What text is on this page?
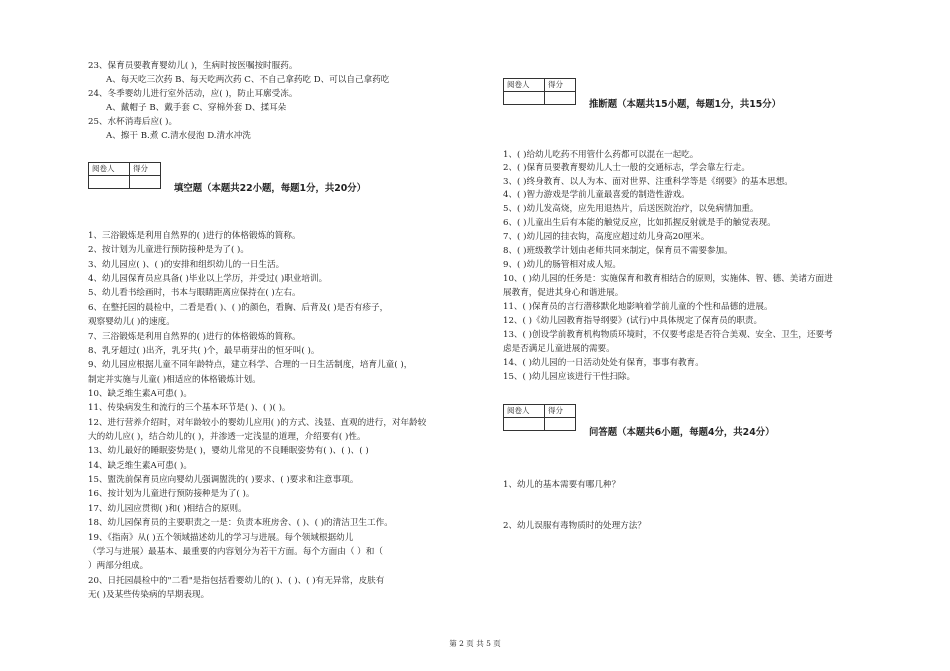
23、保育员要教育婴幼儿( )，生病时按医嘱按时服药。
A、每天吃三次药 B、每天吃两次药 C、不自己拿药吃 D、可以自己拿药吃
24、冬季婴幼儿进行室外活动，应( )，防止耳廓受冻。
A、戴帽子 B、戴手套 C、穿棉外套 D、揉耳朵
25、水杯消毒后应( )。
A、擦干 B.煮 C.清水侵泡 D.清水冲洗
阅卷人	得分

填空题（本题共22小题，每题1分，共20分）
1、三浴锻炼是利用自然界的( )进行的体格锻炼的简称。
2、按计划为儿童进行预防接种是为了( )。
3、幼儿园应( )、( )的安排和组织幼儿的一日生活。
4、幼儿园保育员应具备( )毕业以上学历，并受过( )职业培训。
5、幼儿看书绘画时，书本与眼睛距离应保持在( )左右。
6、在整托园的晨检中，二看是看( )、( )的颜色，看胸、后背及( )是否有疹子，
观察婴幼儿( )的速度。
7、三浴锻炼是利用自然界的( )进行的体格锻炼的简称。
8、乳牙超过( )出齐，乳牙共( )个，最早萌芽出的恒牙叫( )。
9、幼儿园应根据儿童不同年龄特点，建立科学、合理的一日生活制度，培育儿童( )，
制定并实施与儿童( )相适应的体格锻炼计划。
10、缺乏维生素A可患( )。
11、传染病发生和流行的三个基本环节是( )、( )( )。
12、进行营养介绍时，对年龄较小的婴幼儿应用( )的方式、浅显、直观的进行，对年龄较
大的幼儿应( )，结合幼儿的( )，并渗透一定浅显的道理，介绍要有( )性。
13、幼儿最好的睡眠姿势是( )，婴幼儿常见的不良睡眠姿势有( )、( )、( )
14、缺乏维生素A可患( )。
15、盥洗前保育员应向婴幼儿强调盥洗的( )要求、( )要求和注意事项。
16、按计划为儿童进行预防接种是为了( )。
17、幼儿园应贯彻( )和( )相结合的原则。
18、幼儿园保育员的主要职责之一是：负责本班房舍、( )、( )的清洁卫生工作。
19、《指南》从( )五个领域描述幼儿的学习与进展。每个领域根据幼儿
（学习与进展）最基本、最重要的内容划分为若干方面。每个方面由（ ）和（
）两部分组成。
20、日托园晨检中的"二看"是指包括看婴幼儿的( )、( )、( )有无异常，皮肤有
无( )及某些传染病的早期表现。
阅卷人	得分

推断题（本题共15小题，每题1分，共15分）
1、( )给幼儿吃药不用管什么药都可以混在一起吃。
2、( )保育员要教育婴幼儿人士一般的交通标志，学会靠左行走。
3、( )终身教育、以人为本、面对世界、注重科学等是《纲要》的基本思想。
4、( )智力游戏是学前儿童最喜爱的制造性游戏。
5、( )幼儿发高烧，应先用退热片，后送医院治疗，以免病情加重。
6、( )儿童出生后有本能的触觉反应，比如抓握反射就是手的触觉表现。
7、( )幼儿园的挂衣钩，高度应超过幼儿身高20厘米。
8、( )班级教学计划由老师共同来制定，保育员不需要参加。
9、( )幼儿的肠管相对成人短。
10、( )幼儿园的任务是：实施保育和教育相结合的原则，实施体、智、德、美诸方面进
展教育，促进其身心和谐进展。
11、( )保育员的言行潜移默化地影响着学前儿童的个性和品德的进展。
12、( )《幼儿园教育指导纲要》(试行)中具体规定了保育员的职责。
13、( )创设学前教育机构物质环境时，不仅要考虑是否符合美观、安全、卫生，还要考
虑是否满足儿童进展的需要。
14、( )幼儿园的一日活动处处有保育，事事有教育。
15、( )幼儿园应该进行干性扫除。
阅卷人	得分

问答题（本题共6小题，每题4分，共24分）
1、幼儿的基本需要有哪几种？
2、幼儿误服有毒物质时的处理方法？
第 2 页 共 5 页
